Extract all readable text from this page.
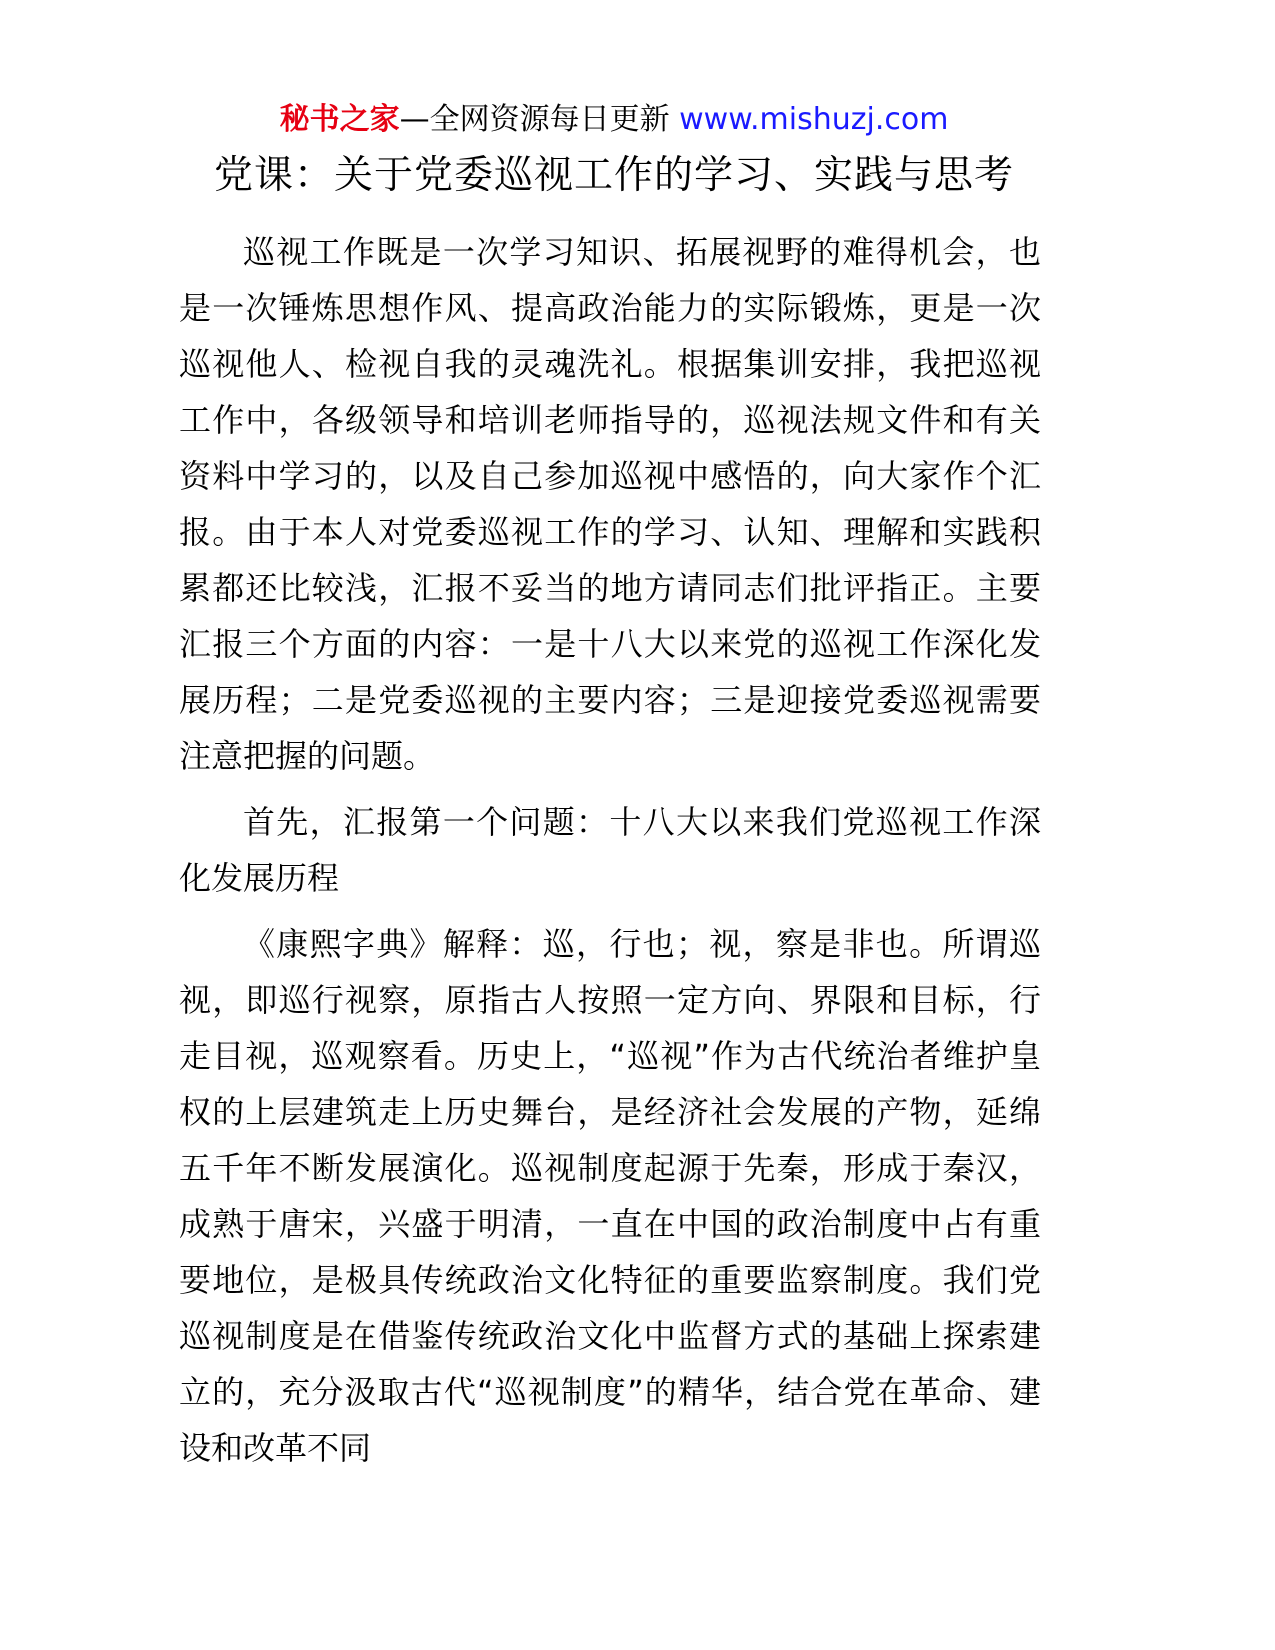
秘书之家—全网资源每日更新 www.mishuzj.com
党课：关于党委巡视工作的学习、实践与思考

巡视工作既是一次学习知识、拓展视野的难得机会，也是一次锤炼思想作风、提高政治能力的实际锻炼，更是一次巡视他人、检视自我的灵魂洗礼。根据集训安排，我把巡视工作中，各级领导和培训老师指导的，巡视法规文件和有关资料中学习的，以及自己参加巡视中感悟的，向大家作个汇报。由于本人对党委巡视工作的学习、认知、理解和实践积累都还比较浅，汇报不妥当的地方请同志们批评指正。主要汇报三个方面的内容：一是十八大以来党的巡视工作深化发展历程；二是党委巡视的主要内容；三是迎接党委巡视需要注意把握的问题。

首先，汇报第一个问题：十八大以来我们党巡视工作深化发展历程

《康熙字典》解释：巡，行也；视，察是非也。所谓巡视，即巡行视察，原指古人按照一定方向、界限和目标，行走目视，巡观察看。历史上，“巡视”作为古代统治者维护皇权的上层建筑走上历史舞台，是经济社会发展的产物，延绵五千年不断发展演化。巡视制度起源于先秦，形成于秦汉，成熟于唐宋，兴盛于明清，一直在中国的政治制度中占有重要地位，是极具传统政治文化特征的重要监察制度。我们党巡视制度是在借鉴传统政治文化中监督方式的基础上探索建立的，充分汲取古代“巡视制度”的精华，结合党在革命、建设和改革不同
